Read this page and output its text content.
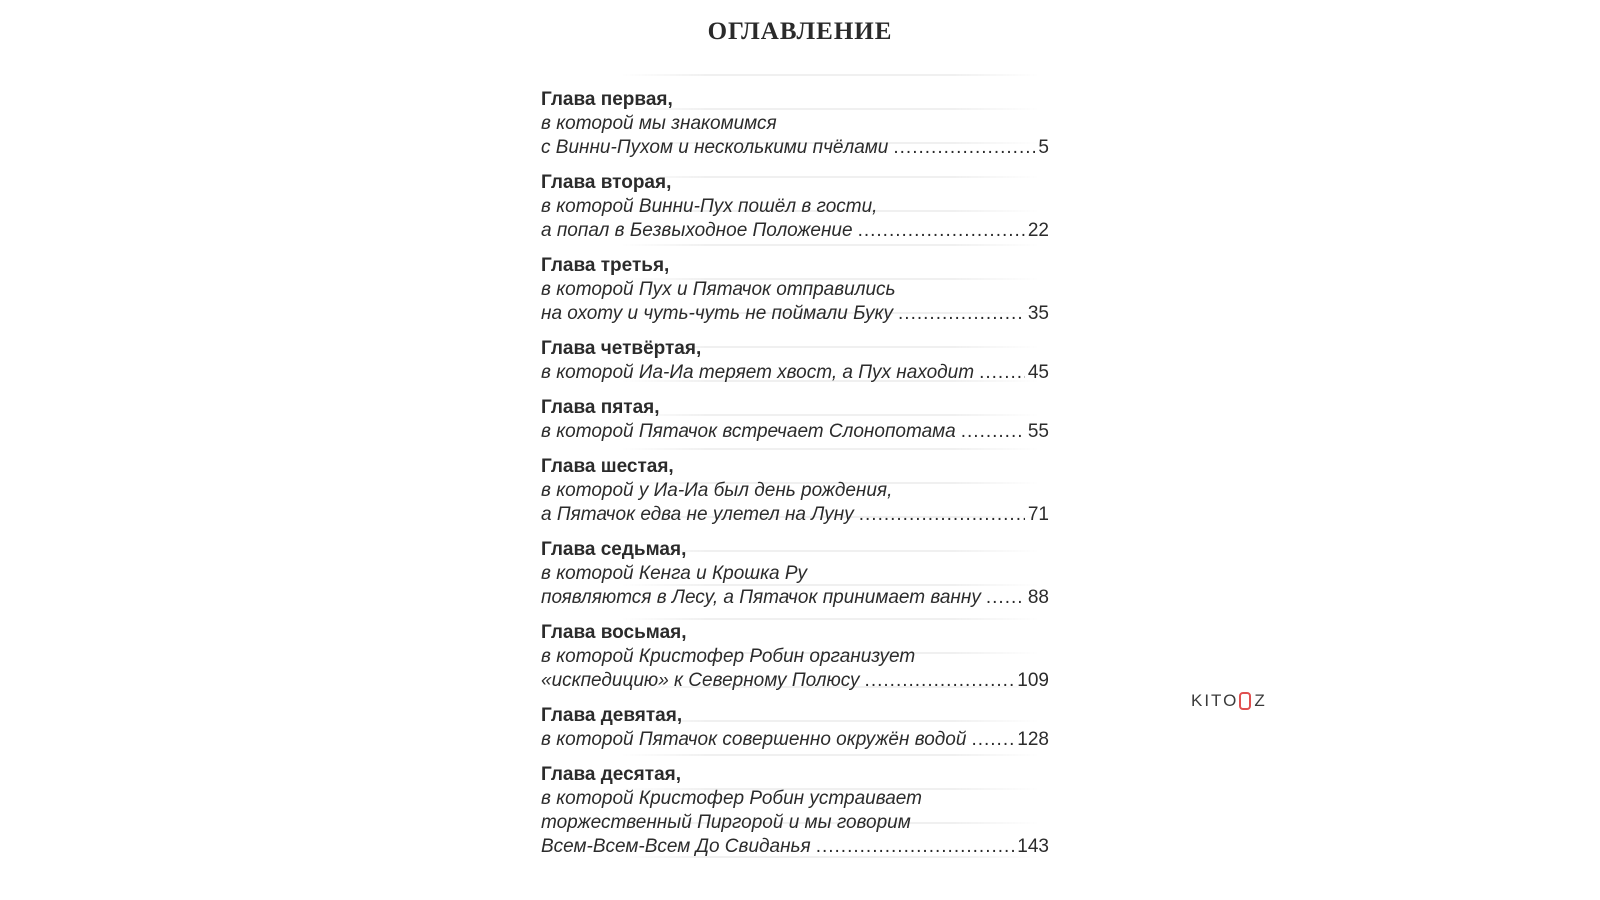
ОГЛАВЛЕНИЕ
Глава первая,
в которой мы знакомимся
с Винни-Пухом и несколькими пчёлами .....	5
Глава вторая,
в которой Винни-Пух пошёл в гости,
а попал в Безвыходное Положение .....	22
Глава третья,
в которой Пух и Пятачок отправились
на охоту и чуть-чуть не поймали Буку .....	35
Глава четвёртая,
в которой Иа-Иа теряет хвост, а Пух находит .....	45
Глава пятая,
в которой Пятачок встречает Слонопотама .....	55
Глава шестая,
в которой у Иа-Иа был день рождения,
а Пятачок едва не улетел на Луну .....	71
Глава седьмая,
в которой Кенга и Крошка Ру
появляются в Лесу, а Пятачок принимает ванну ..... 88
Глава восьмая,
в которой Кристофер Робин организует
«искпедицию» к Северному Полюсу .....	109
Глава девятая,
в которой Пятачок совершенно окружён водой .....	128
Глава десятая,
в которой Кристофер Робин устраивает
торжественный Пиргорой и мы говорим
Всем-Всем-Всем До Свиданья .....	143
KITO Z
